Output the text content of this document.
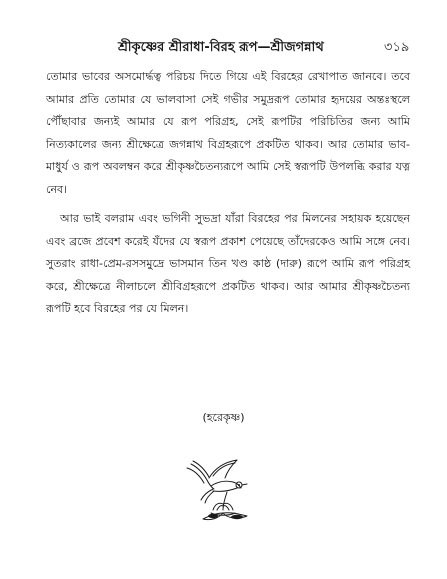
শ্রীকৃষ্ণের শ্রীরাধা-বিরহ রূপ—শ্রীজগন্নাথ	৩১৯

তোমার ভাবের অসমোর্দ্ধত্ব পরিচয় দিতে গিয়ে এই বিরহের রেখাপাত জানবে। তবে আমার প্রতি তোমার যে ভালবাসা সেই গভীর সমুদ্ররূপ তোমার হৃদয়ের অন্তঃস্থলে পৌঁছাবার জন্যই আমার যে রূপ পরিগ্রহ, সেই রূপটির পরিচিতির জন্য আমি নিত্যকালের জন্য শ্রীক্ষেত্রে জগন্নাথ বিগ্রহরূপে প্রকটিত থাকব। আর তোমার ভাব-মাধুর্য ও রূপ অবলম্বন করে শ্রীকৃষ্ণচৈতন্যরূপে আমি সেই স্বরূপটি উপলব্ধি করার যত্ন নেব।

আর ভাই বলরাম এবং ভগিনী সুভদ্রা যাঁরা বিরহের পর মিলনের সহায়ক হয়েছেন এবং ব্রজে প্রবেশ করেই যঁদের যে স্বরূপ প্রকাশ পেয়েছে তাঁদেরকেও আমি সঙ্গে নেব। সুতরাং রাধা-প্রেম-রসসমুদ্রে ভাসমান তিন খণ্ড কাষ্ঠ (দারু) রূপে আমি রূপ পরিগ্রহ করে, শ্রীক্ষেত্রে নীলাচলে শ্রীবিগ্রহরূপে প্রকটিত থাকব। আর আমার শ্রীকৃষ্ণচৈতন্য রূপটি হবে বিরহের পর যে মিলন।

(হরেকৃষ্ণ)
